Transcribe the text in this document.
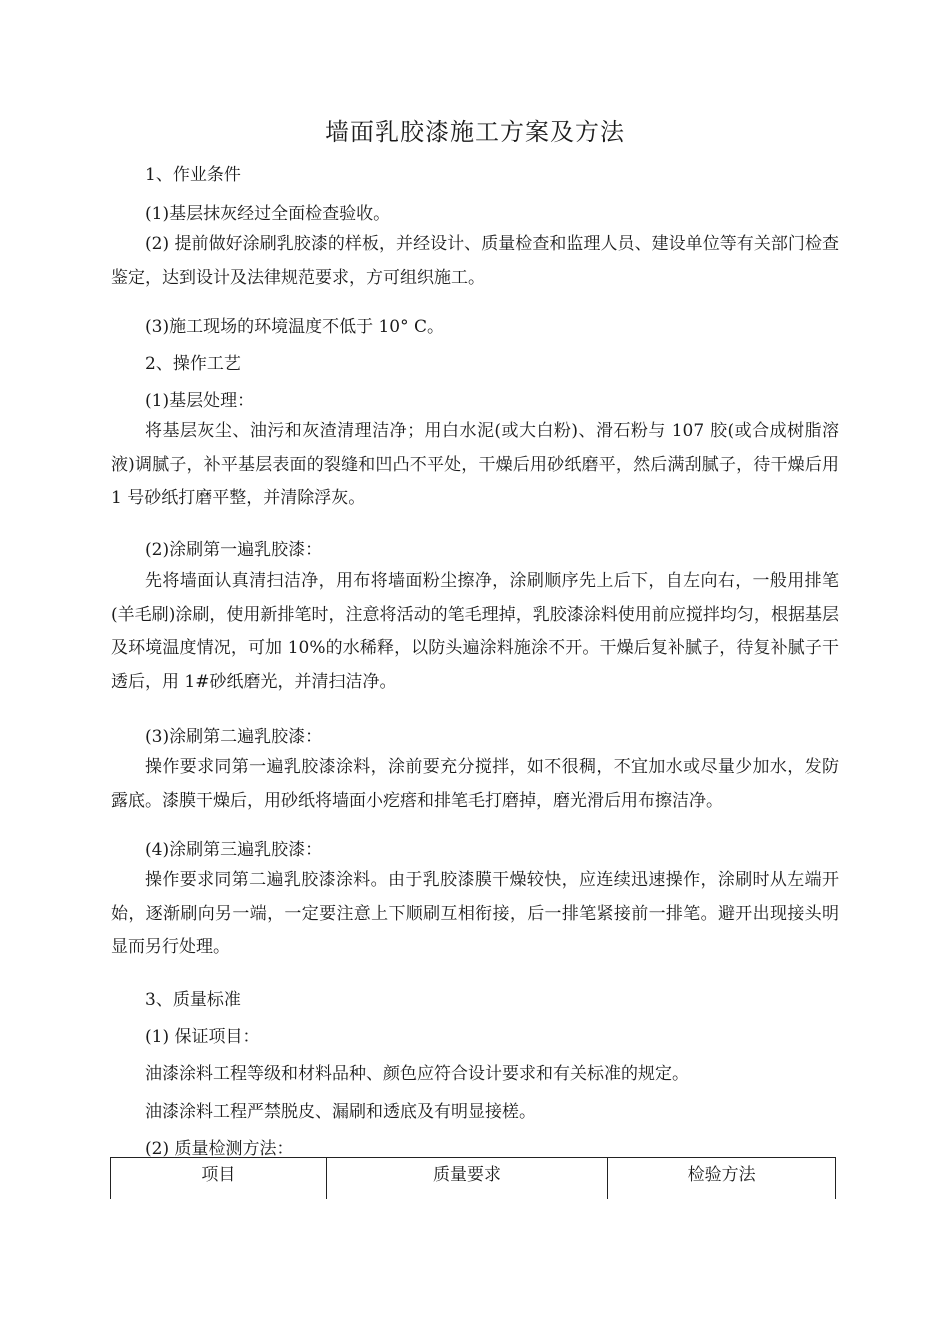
墙面乳胶漆施工方案及方法
1、作业条件
(1)基层抹灰经过全面检查验收。

(2) 提前做好涂刷乳胶漆的样板，并经设计、质量检查和监理人员、建设单位等有关部门检查鉴定，达到设计及法律规范要求，方可组织施工。

(3)施工现场的环境温度不低于 10° C。
2、操作工艺
(1)基层处理：

将基层灰尘、油污和灰渣清理洁净；用白水泥(或大白粉)、滑石粉与 107 胶(或合成树脂溶液)调腻子，补平基层表面的裂缝和凹凸不平处，干燥后用砂纸磨平，然后满刮腻子，待干燥后用 1 号砂纸打磨平整，并清除浮灰。

(2)涂刷第一遍乳胶漆：

先将墙面认真清扫洁净，用布将墙面粉尘擦净，涂刷顺序先上后下，自左向右，一般用排笔(羊毛刷)涂刷，使用新排笔时，注意将活动的笔毛理掉，乳胶漆涂料使用前应搅拌均匀，根据基层及环境温度情况，可加 10%的水稀释，以防头遍涂料施涂不开。干燥后复补腻子，待复补腻子干透后，用 1#砂纸磨光，并清扫洁净。

(3)涂刷第二遍乳胶漆：

操作要求同第一遍乳胶漆涂料，涂前要充分搅拌，如不很稠，不宜加水或尽量少加水，发防露底。漆膜干燥后，用砂纸将墙面小疙瘩和排笔毛打磨掉，磨光滑后用布擦洁净。

(4)涂刷第三遍乳胶漆：

操作要求同第二遍乳胶漆涂料。由于乳胶漆膜干燥较快，应连续迅速操作，涂刷时从左端开始，逐渐刷向另一端，一定要注意上下顺刷互相衔接，后一排笔紧接前一排笔。避开出现接头明显而另行处理。

3、质量标准
(1) 保证项目：
油漆涂料工程等级和材料品种、颜色应符合设计要求和有关标准的规定。
油漆涂料工程严禁脱皮、漏刷和透底及有明显接槎。
(2) 质量检测方法：
项目	质量要求	检验方法
